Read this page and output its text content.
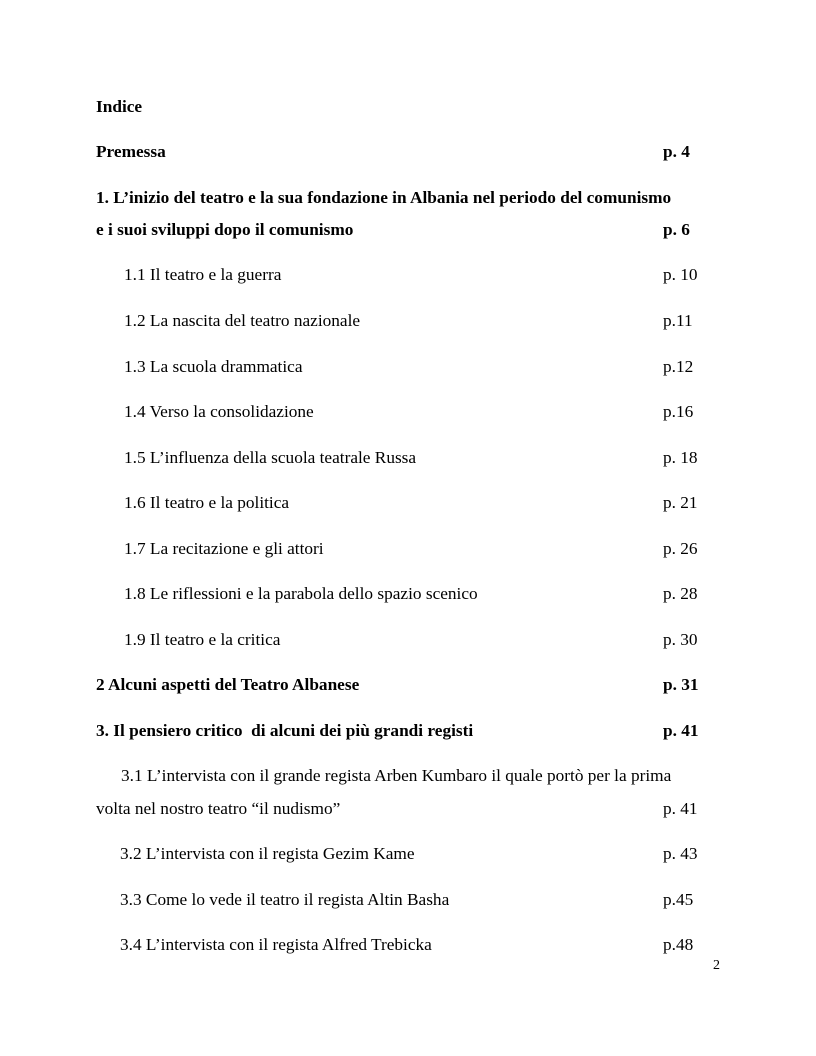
Indice
Premessa	p. 4
1. L’inizio del teatro e la sua fondazione in Albania nel periodo del comunismo
e i suoi sviluppi dopo il comunismo	p. 6
1.1 Il teatro e la guerra	p. 10
1.2 La nascita del teatro nazionale	p.11
1.3 La scuola drammatica	p.12
1.4 Verso la consolidazione	p.16
1.5 L’influenza della scuola teatrale Russa	p. 18
1.6 Il teatro e la politica	p. 21
1.7 La recitazione e gli attori	p. 26
1.8 Le riflessioni e la parabola dello spazio scenico	p. 28
1.9 Il teatro e la critica	p. 30
2 Alcuni aspetti del Teatro Albanese	p. 31
3. Il pensiero critico  di alcuni dei più grandi registi	p. 41
3.1 L’intervista con il grande regista Arben Kumbaro il quale portò per la prima
volta nel nostro teatro “il nudismo”	p. 41
3.2 L’intervista con il regista Gezim Kame	p. 43
3.3 Come lo vede il teatro il regista Altin Basha	p.45
3.4 L’intervista con il regista Alfred Trebicka	p.48
2
